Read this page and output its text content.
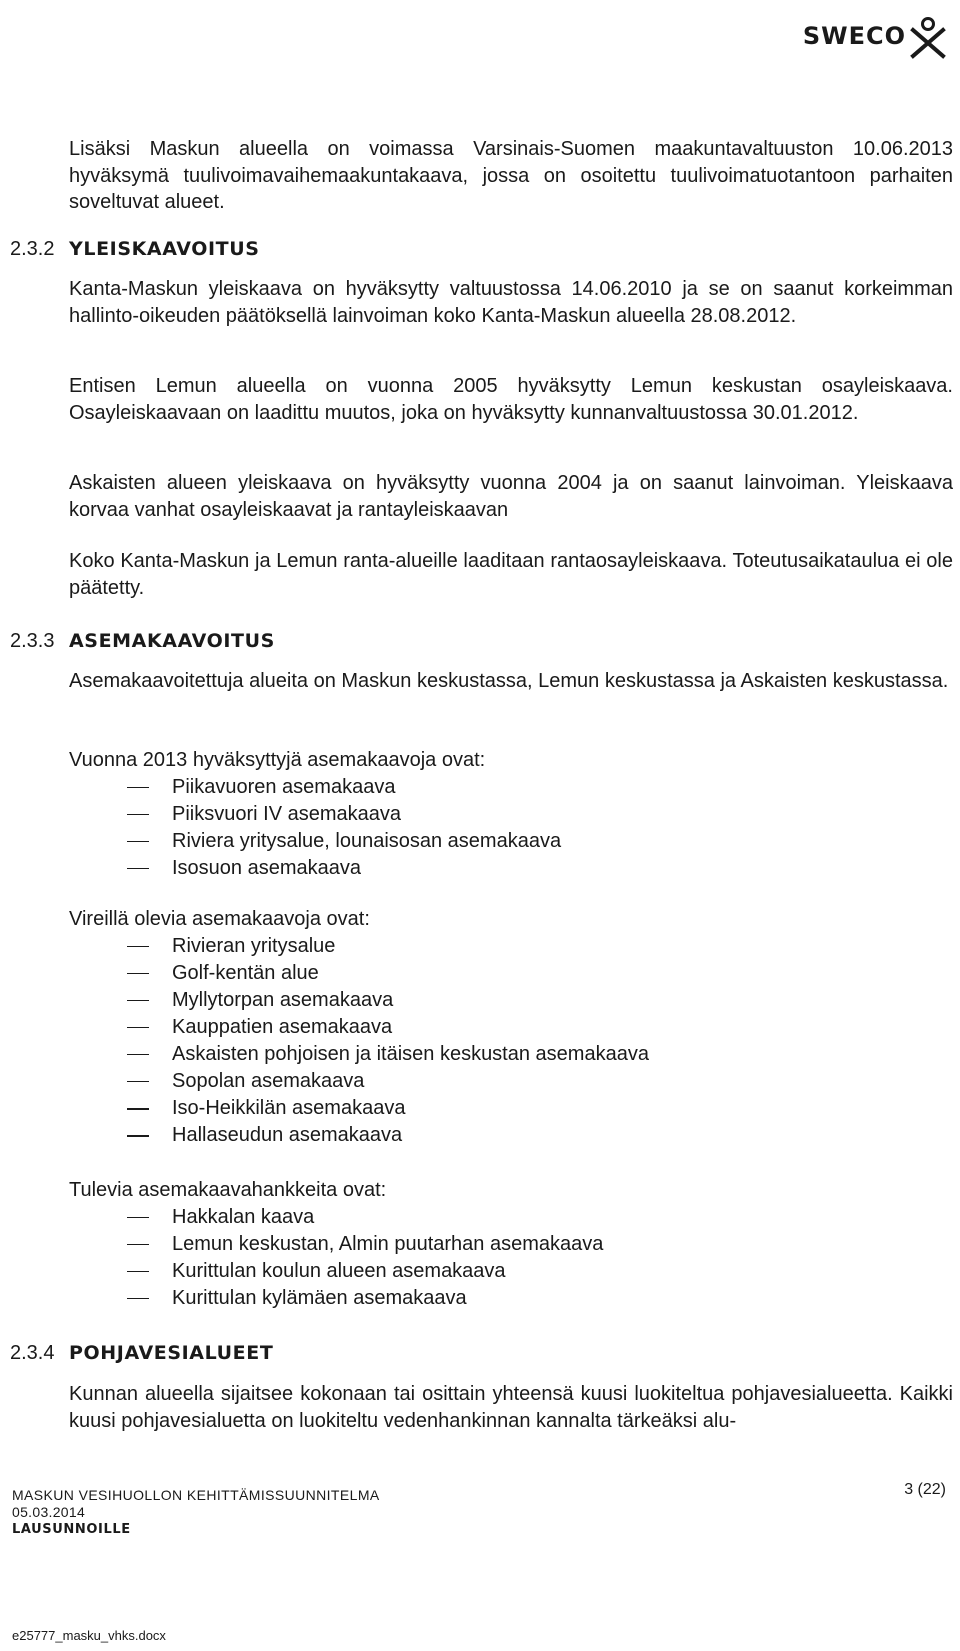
SWECO

Lisäksi Maskun alueella on voimassa Varsinais-Suomen maakuntavaltuuston 10.06.2013 hyväksymä tuulivoimavaihemaakuntakaava, jossa on osoitettu tuulivoimatuotantoon parhaiten soveltuvat alueet.

2.3.2 YLEISKAAVOITUS

Kanta-Maskun yleiskaava on hyväksytty valtuustossa 14.06.2010 ja se on saanut korkeimman hallinto-oikeuden päätöksellä lainvoiman koko Kanta-Maskun alueella 28.08.2012.

Entisen Lemun alueella on vuonna 2005 hyväksytty Lemun keskustan osayleiskaava. Osayleiskaavaan on laadittu muutos, joka on hyväksytty kunnanvaltuustossa 30.01.2012.

Askaisten alueen yleiskaava on hyväksytty vuonna 2004 ja on saanut lainvoiman. Yleiskaava korvaa vanhat osayleiskaavat ja rantayleiskaavan

Koko Kanta-Maskun ja Lemun ranta-alueille laaditaan rantaosayleiskaava. Toteutusaikataulua ei ole päätetty.

2.3.3 ASEMAKAAVOITUS

Asemakaavoitettuja alueita on Maskun keskustassa, Lemun keskustassa ja Askaisten keskustassa.

Vuonna 2013 hyväksyttyjä asemakaavoja ovat:

Piikavuoren asemakaava
Piiksvuori IV asemakaava
Riviera yritysalue, lounaisosan asemakaava
Isosuon asemakaava

Vireillä olevia asemakaavoja ovat:

Rivieran yritysalue
Golf-kentän alue
Myllytorpan asemakaava
Kauppatien asemakaava
Askaisten pohjoisen ja itäisen keskustan asemakaava
Sopolan asemakaava
Iso-Heikkilän asemakaava
Hallaseudun asemakaava

Tulevia asemakaavahankkeita ovat:

Hakkalan kaava
Lemun keskustan, Almin puutarhan asemakaava
Kurittulan koulun alueen asemakaava
Kurittulan kylämäen asemakaava
2.3.4 POHJAVESIALUEET

Kunnan alueella sijaitsee kokonaan tai osittain yhteensä kuusi luokiteltua pohjavesialueetta. Kaikki kuusi pohjavesialuetta on luokiteltu vedenhankinnan kannalta tärkeäksi alu-

3 (22)
MASKUN VESIHUOLLON KEHITTÄMISSUUNNITELMA
05.03.2014
LAUSUNNOILLE
e25777_masku_vhks.docx
